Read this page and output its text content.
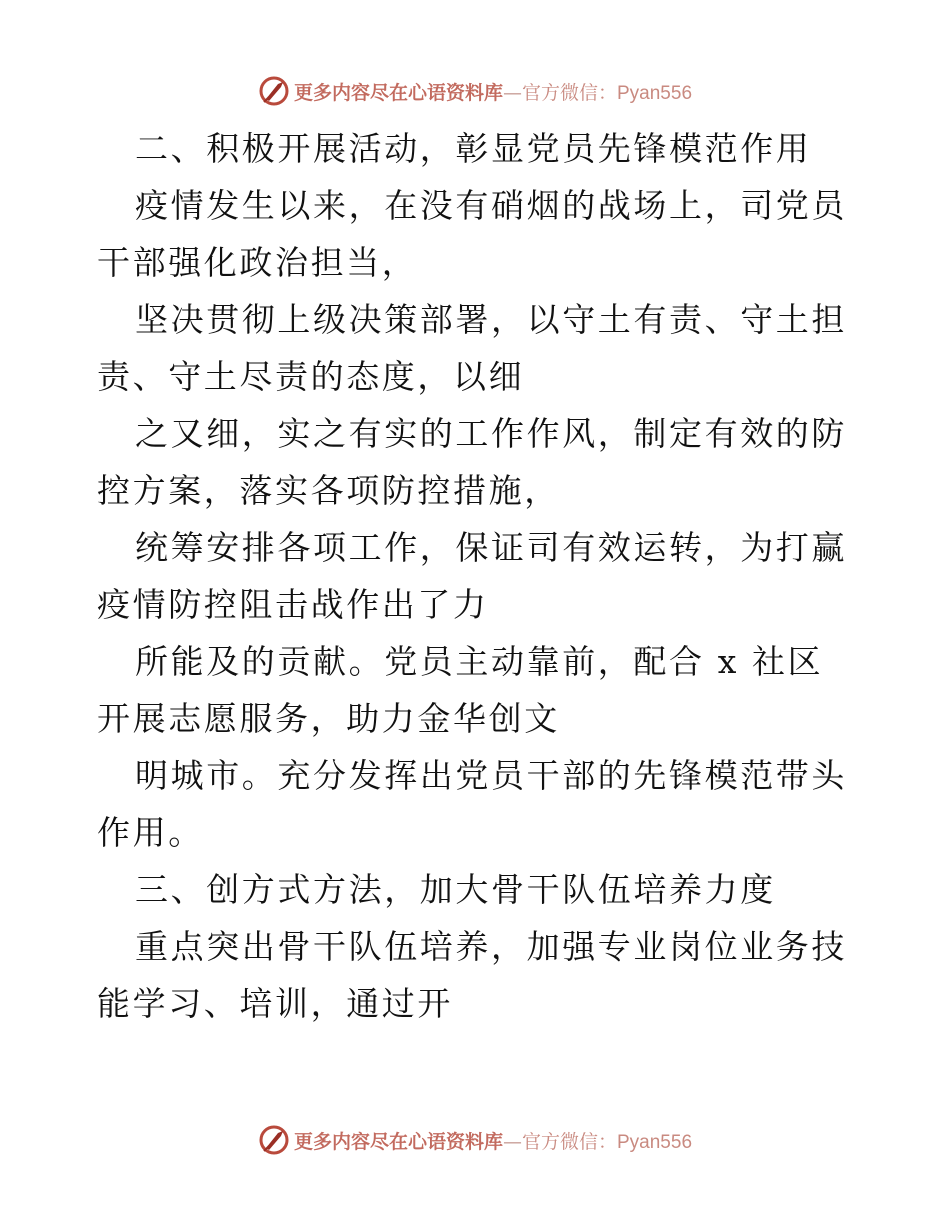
更多内容尽在心语资料库—官方微信：Pyan556

二、积极开展活动，彰显党员先锋模范作用

疫情发生以来，在没有硝烟的战场上，司党员干部强化政治担当，

坚决贯彻上级决策部署，以守土有责、守土担责、守土尽责的态度，以细

之又细，实之有实的工作作风，制定有效的防控方案，落实各项防控措施，

统筹安排各项工作，保证司有效运转，为打赢疫情防控阻击战作出了力

所能及的贡献。党员主动靠前，配合 x 社区开展志愿服务，助力金华创文

明城市。充分发挥出党员干部的先锋模范带头作用。

三、创方式方法，加大骨干队伍培养力度

重点突出骨干队伍培养，加强专业岗位业务技能学习、培训，通过开

更多内容尽在心语资料库—官方微信：Pyan556
